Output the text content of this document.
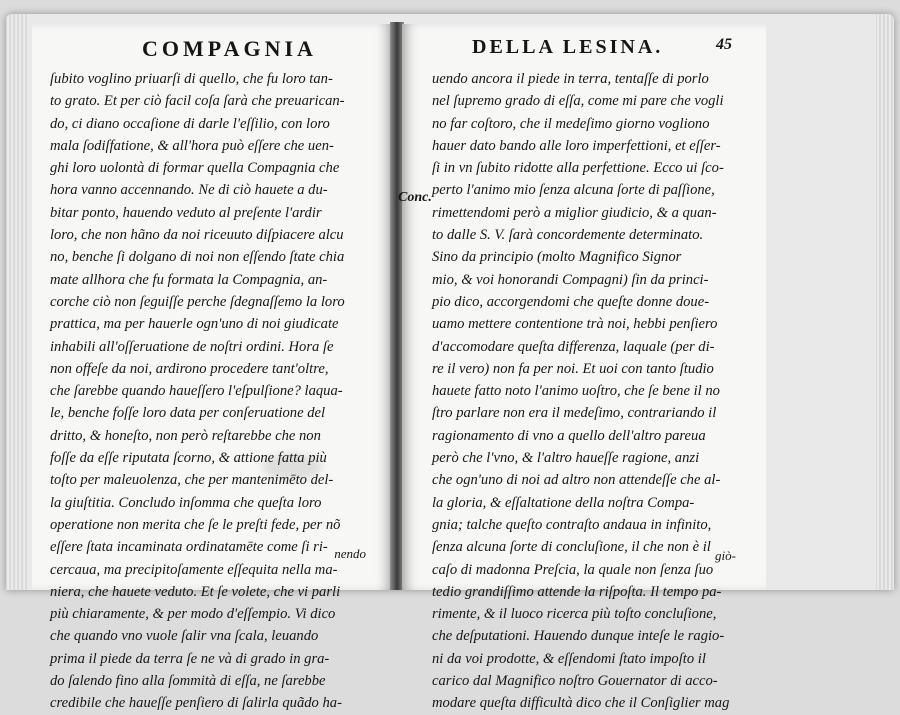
COMPAGNIA
ſubito voglino priuarſi di quello, che fu loro tan-
to grato. Et per ciò facil coſa ſarà che preuarican-
do, ci diano occaſione di darle l'eſſilio, con loro
mala ſodiſfatione, & all'hora può eſſere che uen-
ghi loro uolontà di formar quella Compagnia che
hora vanno accennando. Ne di ciò hauete a du-
bitar ponto, hauendo veduto al preſente l'ardir
loro, che non hãno da noi riceuuto diſpiacere alcu
no, benche ſi dolgano di noi non eſſendo ſtate chia
mate allhora che fu formata la Compagnia, an-
corche ciò non ſeguiſſe perche ſdegnaſſemo la loro
prattica, ma per hauerle ogn'uno di noi giudicate
inhabili all'oſſeruatione de noſtri ordini. Hora ſe
non offeſe da noi, ardirono procedere tant'oltre,
che ſarebbe quando haueſſero l'eſpulſione? laqua-
le, benche foſſe loro data per conſeruatione del
dritto, & honeſto, non però reſtarebbe che non
foſſe da eſſe riputata ſcorno, & attione fatta più
toſto per maleuolenza, che per mantenimēto del-
la giuſtitia. Concludo inſomma che queſta loro
operatione non merita che ſe le preſti fede, per nõ
eſſere ſtata incaminata ordinatamēte come ſi ri-
cercaua, ma precipitoſamente eſſequita nella ma-
niera, che hauete veduto. Et ſe volete, che vi parli
più chiaramente, & per modo d'eſſempio. Vi dico
che quando vno vuole ſalir vna ſcala, leuando
prima il piede da terra ſe ne và di grado in gra-
do ſalendo fino alla ſommità di eſſa, ne ſarebbe
credibile che haueſſe penſiero di ſalirla quãdo ha-
nendo
DELLA LESINA.	45
Conc.
uendo ancora il piede in terra, tentaſſe di porlo
nel ſupremo grado di eſſa, come mi pare che vogli
no far coſtoro, che il medeſimo giorno vogliono
hauer dato bando alle loro imperfettioni, et eſſer-
ſi in vn ſubito ridotte alla perfettione. Ecco ui ſco-
perto l'animo mio ſenza alcuna ſorte di paſſione,
rimettendomi però a miglior giudicio, & a quan-
to dalle S. V. ſarà concordemente determinato.
Sino da principio (molto Magnifico Signor
mio, & voi honorandi Compagni) ſin da princi-
pio dico, accorgendomi che queſte donne doue-
uamo mettere contentione trà noi, hebbi penſiero
d'accomodare queſta differenza, laquale (per di-
re il vero) non fa per noi. Et uoi con tanto ſtudio
hauete fatto noto l'animo uoſtro, che ſe bene il no
ſtro parlare non era il medeſimo, contrariando il
ragionamento di vno a quello dell'altro pareua
però che l'vno, & l'altro haueſſe ragione, anzi
che ogn'uno di noi ad altro non attendeſſe che al-
la gloria, & eſſaltatione della noſtra Compa-
gnia; talche queſto contraſto andaua in infinito,
ſenza alcuna ſorte di concluſione, il che non è il
caſo di madonna Preſcia, la quale non ſenza ſuo
tedio grandiſſimo attende la riſpoſta. Il tempo pa-
rimente, & il luoco ricerca più toſto concluſione,
che deſputationi. Hauendo dunque inteſe le ragio-
ni da voi prodotte, & eſſendomi ſtato impoſto il
carico dal Magnifico noſtro Gouernator di acco-
modare queſta difficultà dico che il Conſiglier mag
giò-
